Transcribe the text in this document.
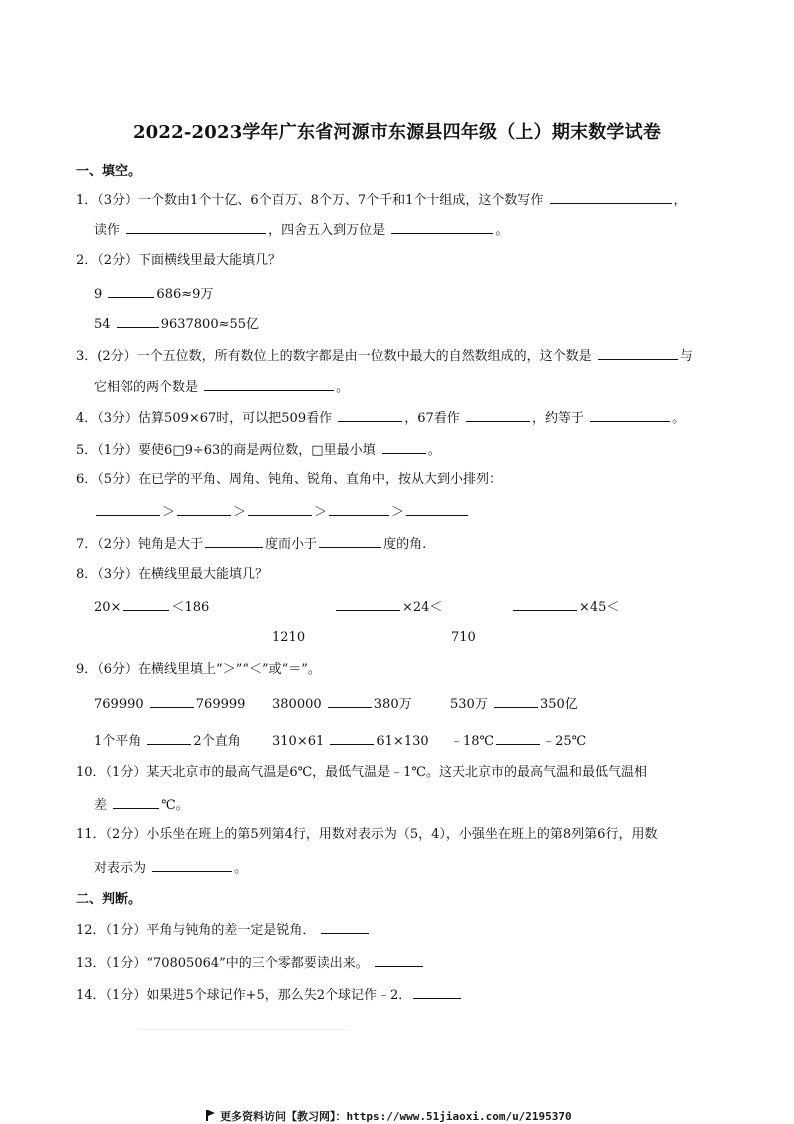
2022-2023学年广东省河源市东源县四年级（上）期末数学试卷
一、填空。
1．（3分）一个数由1个十亿、6个百万、8个万、7个千和1个十组成，这个数写作	，
读作	，四舍五入到万位是	。
2．（2分）下面横线里最大能填几？
9	686≈9万
54	9637800≈55亿
3．(2分）一个五位数，所有数位上的数字都是由一位数中最大的自然数组成的，这个数是	与
它相邻的两个数是	。
4．（3分）估算509×67时，可以把509看作	，67看作	，约等于	。
5．（1分）要使6□9÷63的商是两位数，□里最小填	。
6．（5分）在已学的平角、周角、钝角、锐角、直角中，按从大到小排列：
＞	＞	＞	＞
7．（2分）钝角是大于	度而小于	度的角.
8．（3分）在横线里最大能填几？
20×	＜186	×24＜	×45＜
1210	710
9．（6分）在横线里填上“＞”“＜”或“＝”。
769990	769999 380000	380万	530万	350亿
1个平角	2个直角 310×61	61×130 ﹣18℃	﹣25℃
10．（1分）某天北京市的最高气温是6℃，最低气温是﹣1℃。这天北京市的最高气温和最低气温相
差	℃。
11．（2分）小乐坐在班上的第5列第4行，用数对表示为（5，4），小强坐在班上的第8列第6行，用数
对表示为	。
二、判断。
12．（1分）平角与钝角的差一定是锐角．
13．（1分）“70805064”中的三个零都要读出来。
14．（1分）如果进5个球记作+5，那么失2个球记作﹣2．
更多资料访问【教习网】：https://www.51jiaoxi.com/u/2195370
